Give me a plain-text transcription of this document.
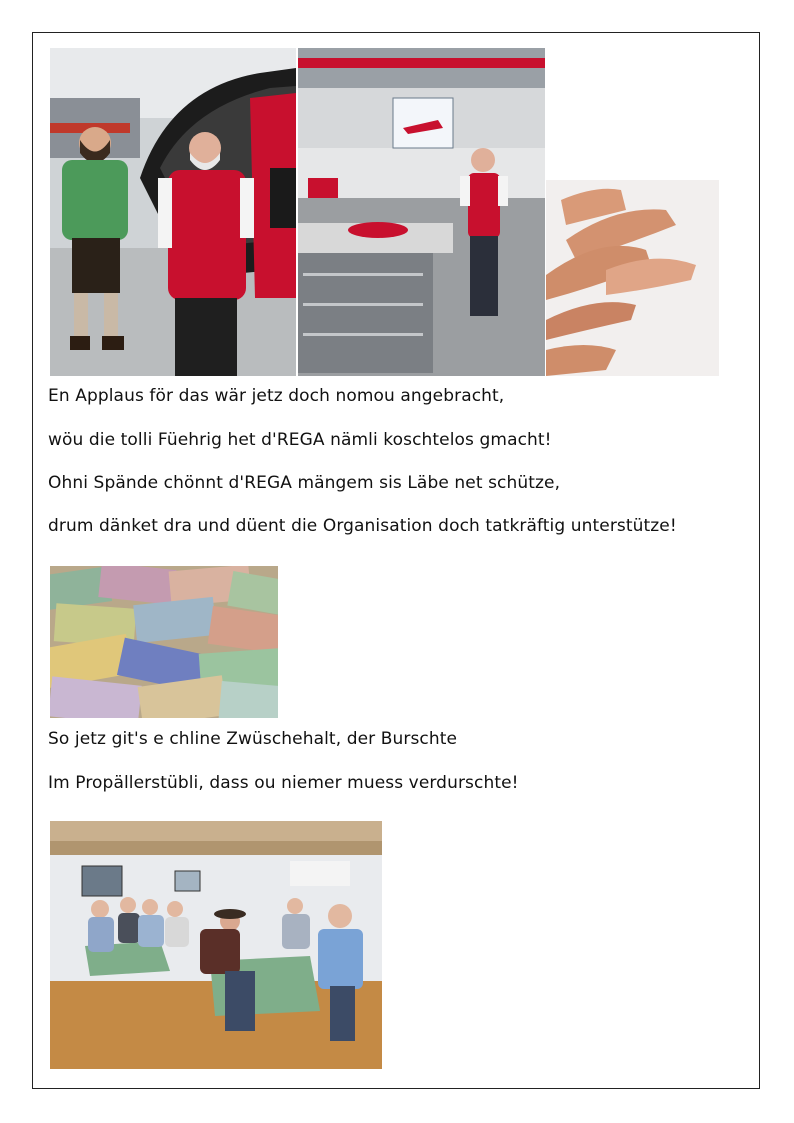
En Applaus för das wär jetz doch nomou angebracht,

wöu die tolli Füehrig het d'REGA nämli koschtelos gmacht!

Ohni Spände chönnt d'REGA mängem sis Läbe net schütze,

drum dänket dra und düent die Organisation doch tatkräftig unterstütze!

So jetz git's e chline Zwüschehalt, der Burschte

Im Propällerstübli, dass ou niemer muess verdurschte!
